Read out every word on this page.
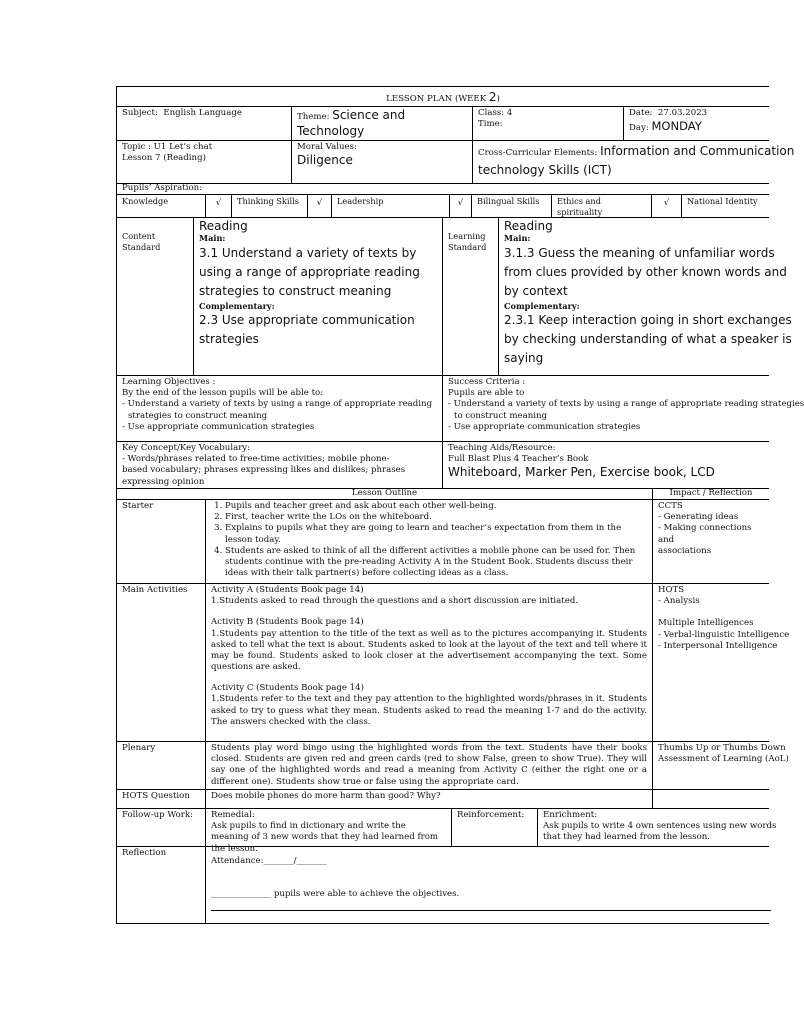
LESSON PLAN (WEEK 2)
Subject: English Language	Theme: Science and Technology
Class: 4
Time:
Date: 27.03.2023
Day: MONDAY
Topic : U1 Let’s chat
Lesson 7 (Reading)
Moral Values:
Diligence
Cross-Curricular Elements: Information and Communication
technology Skills (ICT)
Pupils’ Aspiration:
Knowledge	√	Thinking Skills	√	Leadership	√	Bilingual Skills	Ethics and spirituality
√	National Identity
Content Standard
Reading
Main:
3.1 Understand a variety of texts by using a range of appropriate reading strategies to construct meaning
Complementary:
2.3 Use appropriate communication strategies
Learning Standard
Reading
Main:
3.1.3 Guess the meaning of unfamiliar words from clues provided by other known words and by context
Complementary:
2.3.1 Keep interaction going in short exchanges by checking understanding of what a speaker is saying
Learning Objectives :
By the end of the lesson pupils will be able to:
- Understand a variety of texts by using a range of appropriate reading
strategies to construct meaning
- Use appropriate communication strategies
Success Criteria :
Pupils are able to
- Understand a variety of texts by using a range of appropriate reading strategies
to construct meaning
- Use appropriate communication strategies
Key Concept/Key Vocabulary:
- Words/phrases related to free-time activities; mobile phone-based vocabulary; phrases expressing likes and dislikes; phrases expressing opinion
Teaching Aids/Resource:
Full Blast Plus 4 Teacher’s Book
Whiteboard, Marker Pen, Exercise book, LCD
Lesson Outline	Impact / Reflection
Starter
1.	Pupils and teacher greet and ask about each other well-being.
2. First, teacher write the LOs on the whiteboard.
3. Explains to pupils what they are going to learn and teacher’s expectation from them in the lesson today.
4. Students are asked to think of all the different activities a mobile phone can be used for. Then students continue with the pre-reading Activity A in the Student Book. Students discuss their ideas with their talk partner(s) before collecting ideas as a class.
CCTS
- Generating ideas
- Making connections and
associations
Main Activities	Activity A (Students Book page 14)
1.Students asked to read through the questions and a short discussion are initiated.
Activity B (Students Book page 14)
1.Students pay attention to the title of the text as well as to the pictures accompanying it. Students asked to tell what the text is about. Students asked to look at the layout of the text and tell where it may be found. Students asked to look closer at the advertisement accompanying the text. Some questions are asked.
Activity C (Students Book page 14)
1.Students refer to the text and they pay attention to the highlighted words/phrases in it. Students asked to try to guess what they mean. Students asked to read the meaning 1-7 and do the activity. The answers checked with the class.
HOTS
- Analysis
Multiple Intelligences
- Verbal-linguistic Intelligence
- Interpersonal Intelligence
Plenary	Students play word bingo using the highlighted words from the text. Students have their books closed. Students are given red and green cards (red to show False, green to show True). They will say one of the highlighted words and read a meaning from Activity C (either the right one or a different one). Students show true or false using the appropriate card.
Thumbs Up or Thumbs Down
Assessment of Learning (AoL)
HOTS Question	Does mobile phones do more harm than good? Why?
Follow-up Work:	Remedial:
Ask pupils to find in dictionary and write the meaning of 3 new words that they had learned from the lesson.
Reinforcement:	Enrichment:
Ask pupils to write 4 own sentences using new words that they had learned from the lesson.
Reflection
Attendance:_______/_______
______________ pupils were able to achieve the objectives.
